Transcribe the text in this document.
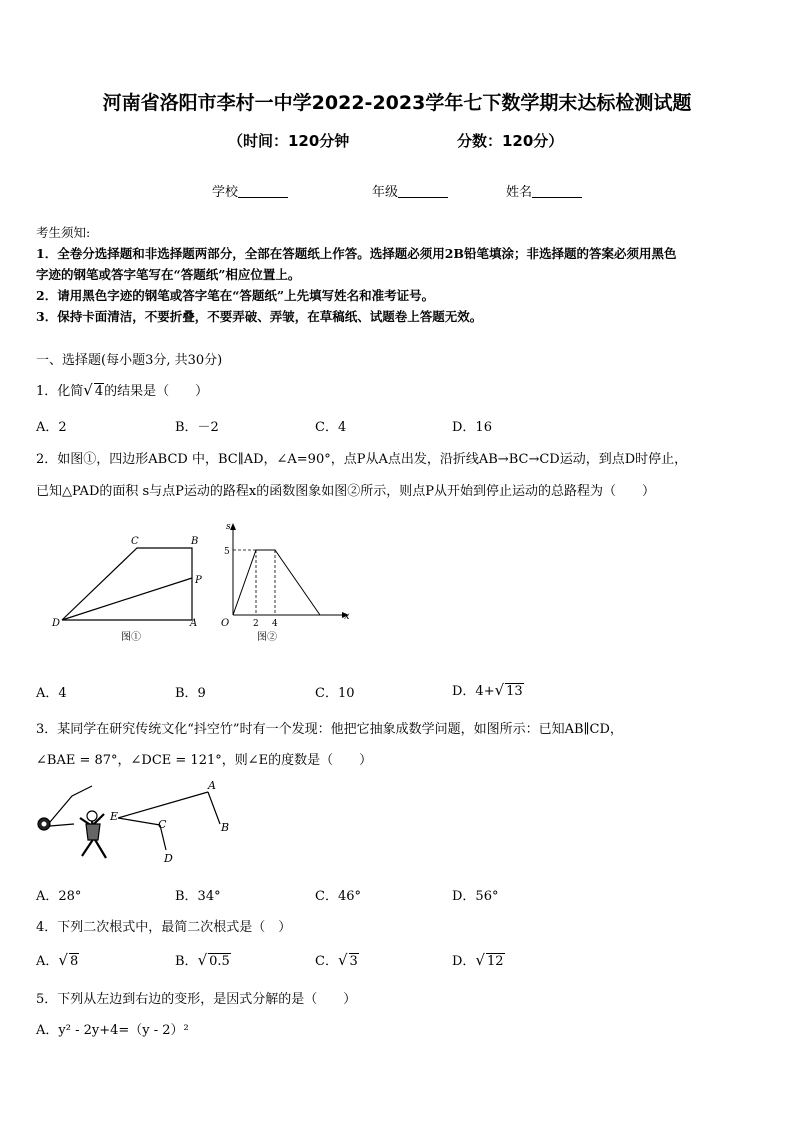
河南省洛阳市李村一中学2022-2023学年七下数学期末达标检测试题
（时间：120分钟	分数：120分）
学校	年级	姓名
考生须知:
1．全卷分选择题和非选择题两部分，全部在答题纸上作答。选择题必须用2B铅笔填涂；非选择题的答案必须用黑色
字迹的钢笔或答字笔写在“答题纸”相应位置上。
2．请用黑色字迹的钢笔或答字笔在“答题纸”上先填写姓名和准考证号。
3．保持卡面清洁，不要折叠，不要弄破、弄皱，在草稿纸、试题卷上答题无效。
一、选择题(每小题3分, 共30分)
1．化简√ 4的结果是（　　）
A．2	B．－2	C．4	D．16
2．如图①，四边形ABCD 中，BC∥AD，∠A=90°，点P从A点出发，沿折线AB→BC→CD运动，到点D时停止，
已知△PAD的面积 s与点P运动的路程x的函数图象如图②所示，则点P从开始到停止运动的总路程为（　　）
C	B
P
D	A
图①
s
5
O	2 4
x
图②
A．4	B．9	C．10	D．4+√ 13
3．某同学在研究传统文化“抖空竹”时有一个发现：他把它抽象成数学问题，如图所示：已知AB∥CD，
∠BAE = 87°，∠DCE = 121°，则∠E的度数是（　　）
A
B
C
D
E
A．28°	B．34°	C．46°	D．56°
4．下列二次根式中，最简二次根式是（　）
A．√ 8	B．√ 0.5	C．√ 3	D．√ 12
5．下列从左边到右边的变形，是因式分解的是（　　）
A．y² - 2y+4=（y - 2）²
